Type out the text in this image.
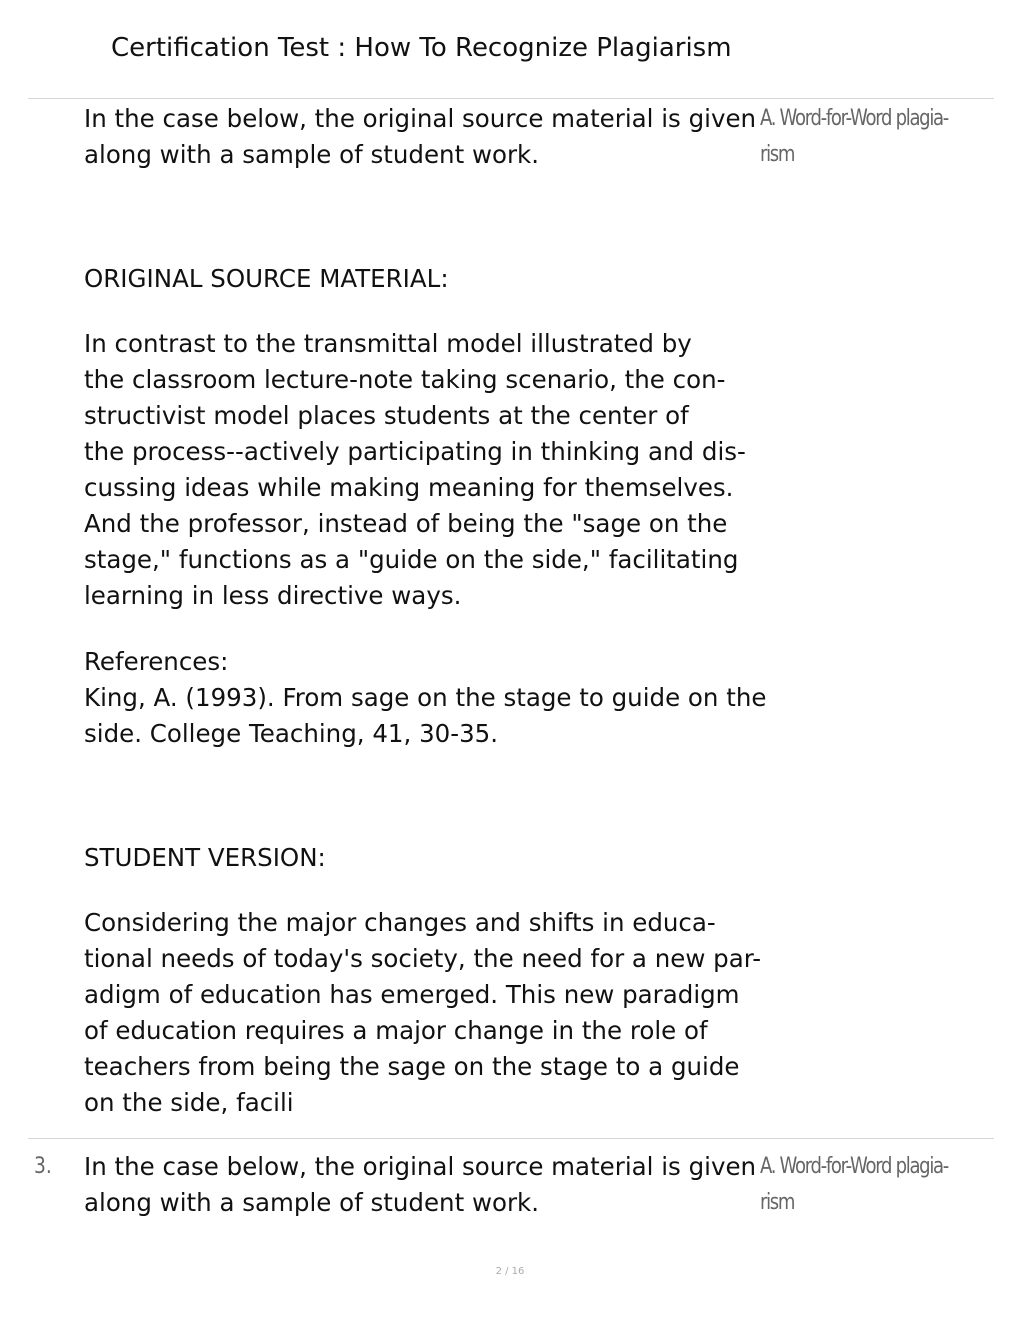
Certification Test : How To Recognize Plagiarism
In the case below, the original source material is given
along with a sample of student work.
A. Word-for-Word plagia-
rism
ORIGINAL SOURCE MATERIAL:
In contrast to the transmittal model illustrated by
the classroom lecture-note taking scenario, the con-
structivist model places students at the center of
the process--actively participating in thinking and dis-
cussing ideas while making meaning for themselves.
And the professor, instead of being the "sage on the
stage," functions as a "guide on the side," facilitating
learning in less directive ways.
References:
King, A. (1993). From sage on the stage to guide on the
side. College Teaching, 41, 30-35.
STUDENT VERSION:
Considering the major changes and shifts in educa-
tional needs of today's society, the need for a new par-
adigm of education has emerged. This new paradigm
of education requires a major change in the role of
teachers from being the sage on the stage to a guide
on the side, facili
3. In the case below, the original source material is given
along with a sample of student work.
A. Word-for-Word plagia-
rism
2 / 16
